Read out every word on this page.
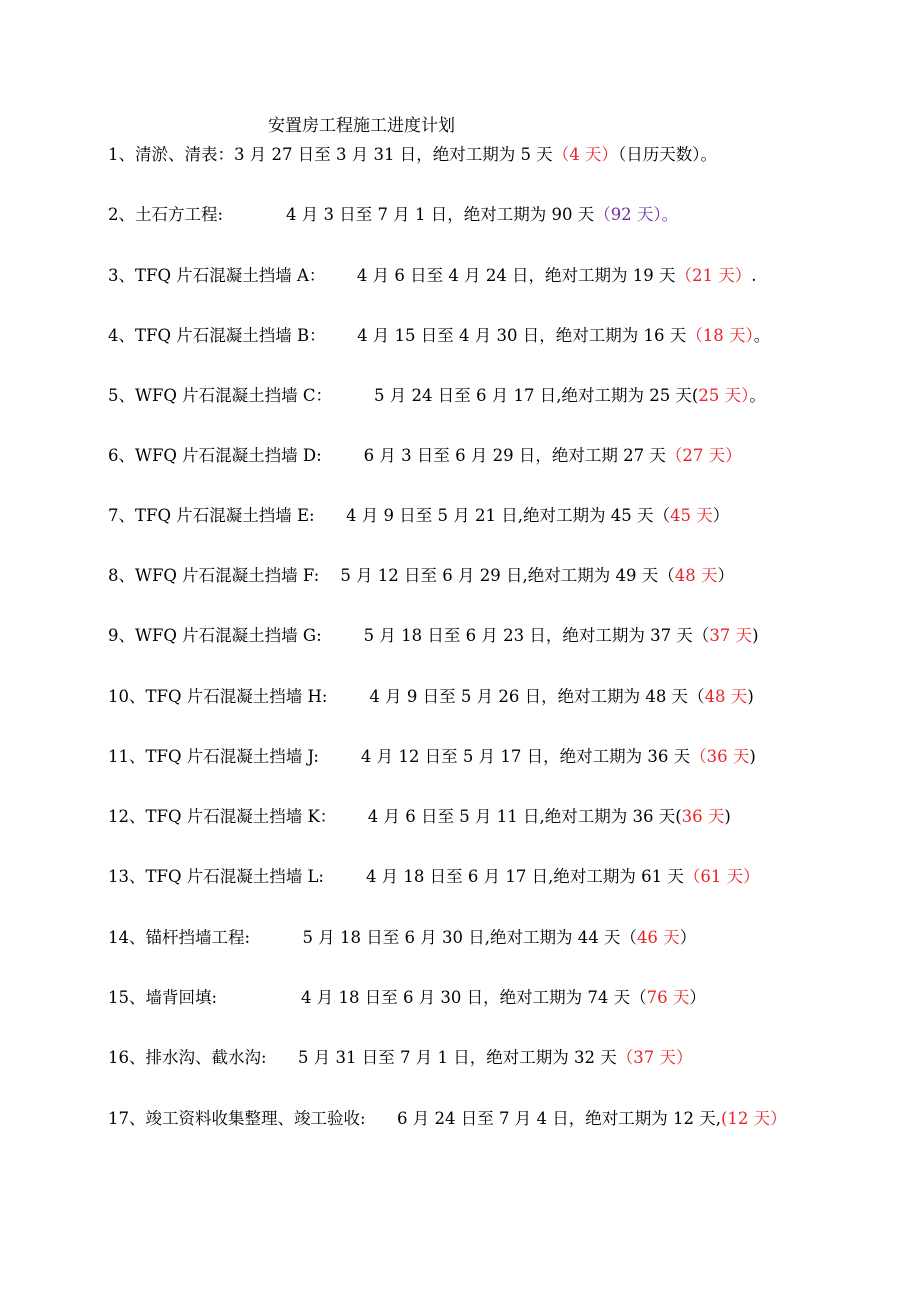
安置房工程施工进度计划
1、清淤、清表：3 月 27 日至 3 月 31 日，绝对工期为 5 天（4 天）（日历天数）。
2、土石方工程:            4 月 3 日至 7 月 1 日，绝对工期为 90 天（92 天）。
3、TFQ 片石混凝土挡墙 A：      4 月 6 日至 4 月 24 日，绝对工期为 19 天（21 天）.
4、TFQ 片石混凝土挡墙 B：      4 月 15 日至 4 月 30 日，绝对工期为 16 天（18 天）。
5、WFQ 片石混凝土挡墙 C：        5 月 24 日至 6 月 17 日,绝对工期为 25 天(25 天）。
6、WFQ 片石混凝土挡墙 D:        6 月 3 日至 6 月 29 日，绝对工期 27 天（27 天）
7、TFQ 片石混凝土挡墙 E:      4 月 9 日至 5 月 21 日,绝对工期为 45 天（45 天）
8、WFQ 片石混凝土挡墙 F:    5 月 12 日至 6 月 29 日,绝对工期为 49 天（48 天）
9、WFQ 片石混凝土挡墙 G:        5 月 18 日至 6 月 23 日，绝对工期为 37 天（37 天)
10、TFQ 片石混凝土挡墙 H:        4 月 9 日至 5 月 26 日，绝对工期为 48 天（48 天)
11、TFQ 片石混凝土挡墙 J:        4 月 12 日至 5 月 17 日，绝对工期为 36 天（36 天)
12、TFQ 片石混凝土挡墙 K：      4 月 6 日至 5 月 11 日,绝对工期为 36 天(36 天)
13、TFQ 片石混凝土挡墙 L:        4 月 18 日至 6 月 17 日,绝对工期为 61 天（61 天）
14、锚杆挡墙工程:          5 月 18 日至 6 月 30 日,绝对工期为 44 天（46 天）
15、墙背回填:                4 月 18 日至 6 月 30 日，绝对工期为 74 天（76 天）
16、排水沟、截水沟:      5 月 31 日至 7 月 1 日，绝对工期为 32 天（37 天）
17、竣工资料收集整理、竣工验收:      6 月 24 日至 7 月 4 日，绝对工期为 12 天,(12 天）
